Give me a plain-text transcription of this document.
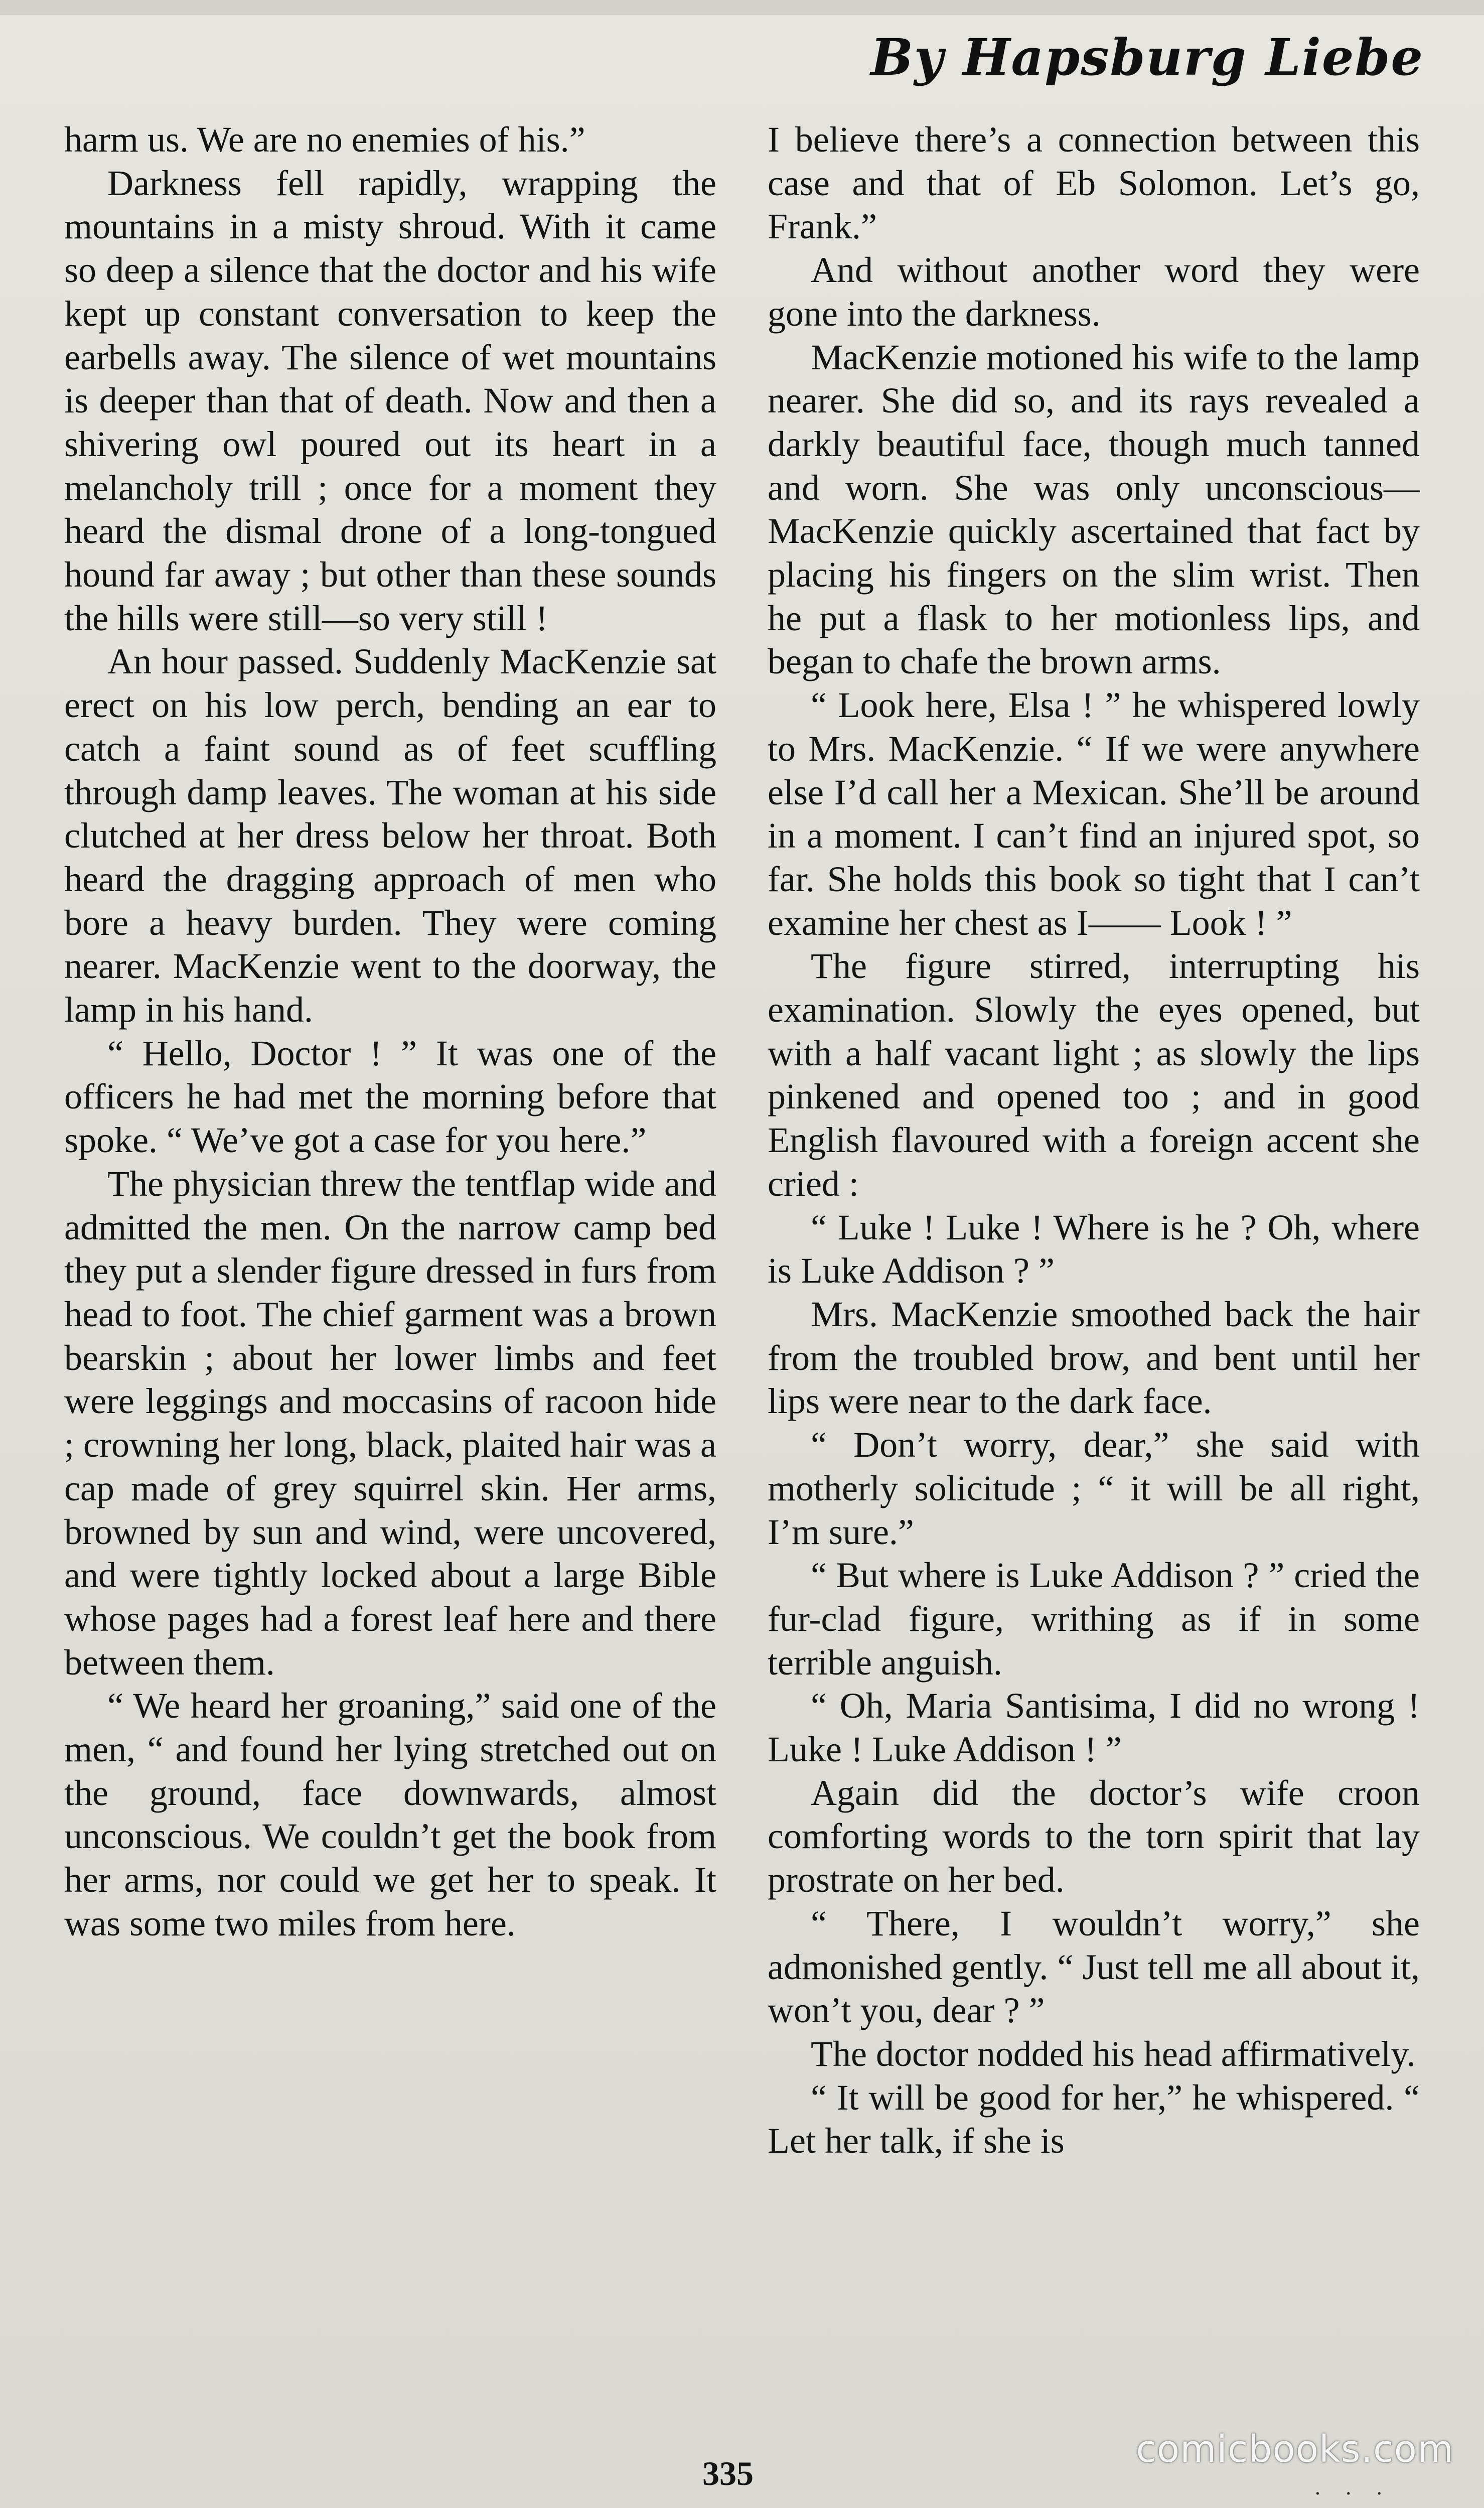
By Hapsburg Liebe

harm us. We are no enemies of his.”

Darkness fell rapidly, wrapping the mountains in a misty shroud. With it came so deep a silence that the doctor and his wife kept up constant conversation to keep the earbells away. The silence of wet mountains is deeper than that of death. Now and then a shivering owl poured out its heart in a melancholy trill ; once for a moment they heard the dismal drone of a long-tongued hound far away ; but other than these sounds the hills were still—so very still !

An hour passed. Suddenly MacKenzie sat erect on his low perch, bending an ear to catch a faint sound as of feet scuffling through damp leaves. The woman at his side clutched at her dress below her throat. Both heard the dragging approach of men who bore a heavy burden. They were coming nearer. MacKenzie went to the doorway, the lamp in his hand.

“ Hello, Doctor ! ” It was one of the officers he had met the morning before that spoke. “ We’ve got a case for you here.”

The physician threw the tentflap wide and admitted the men. On the narrow camp bed they put a slender figure dressed in furs from head to foot. The chief garment was a brown bearskin ; about her lower limbs and feet were leggings and moccasins of racoon hide ; crowning her long, black, plaited hair was a cap made of grey squirrel skin. Her arms, browned by sun and wind, were uncovered, and were tightly locked about a large Bible whose pages had a forest leaf here and there between them.

“ We heard her groaning,” said one of the men, “ and found her lying stretched out on the ground, face downwards, almost unconscious. We couldn’t get the book from her arms, nor could we get her to speak. It was some two miles from here.

I believe there’s a connection between this case and that of Eb Solomon. Let’s go, Frank.”

And without another word they were gone into the darkness.

MacKenzie motioned his wife to the lamp nearer. She did so, and its rays revealed a darkly beautiful face, though much tanned and worn. She was only unconscious—MacKenzie quickly ascertained that fact by placing his fingers on the slim wrist. Then he put a flask to her motionless lips, and began to chafe the brown arms.

“ Look here, Elsa ! ” he whispered lowly to Mrs. MacKenzie. “ If we were anywhere else I’d call her a Mexican. She’ll be around in a moment. I can’t find an injured spot, so far. She holds this book so tight that I can’t examine her chest as I—— Look ! ”

The figure stirred, interrupting his examination. Slowly the eyes opened, but with a half vacant light ; as slowly the lips pinkened and opened too ; and in good English flavoured with a foreign accent she cried :

“ Luke ! Luke ! Where is he ? Oh, where is Luke Addison ? ”

Mrs. MacKenzie smoothed back the hair from the troubled brow, and bent until her lips were near to the dark face.

“ Don’t worry, dear,” she said with motherly solicitude ; “ it will be all right, I’m sure.”

“ But where is Luke Addison ? ” cried the fur-clad figure, writhing as if in some terrible anguish.

“ Oh, Maria Santisima, I did no wrong ! Luke ! Luke Addison ! ”

Again did the doctor’s wife croon comforting words to the torn spirit that lay prostrate on her bed.

“ There, I wouldn’t worry,” she admonished gently. “ Just tell me all about it, won’t you, dear ? ”

The doctor nodded his head affirmatively.

“ It will be good for her,” he whispered. “ Let her talk, if she is

335	. . .
comicbooks.com
